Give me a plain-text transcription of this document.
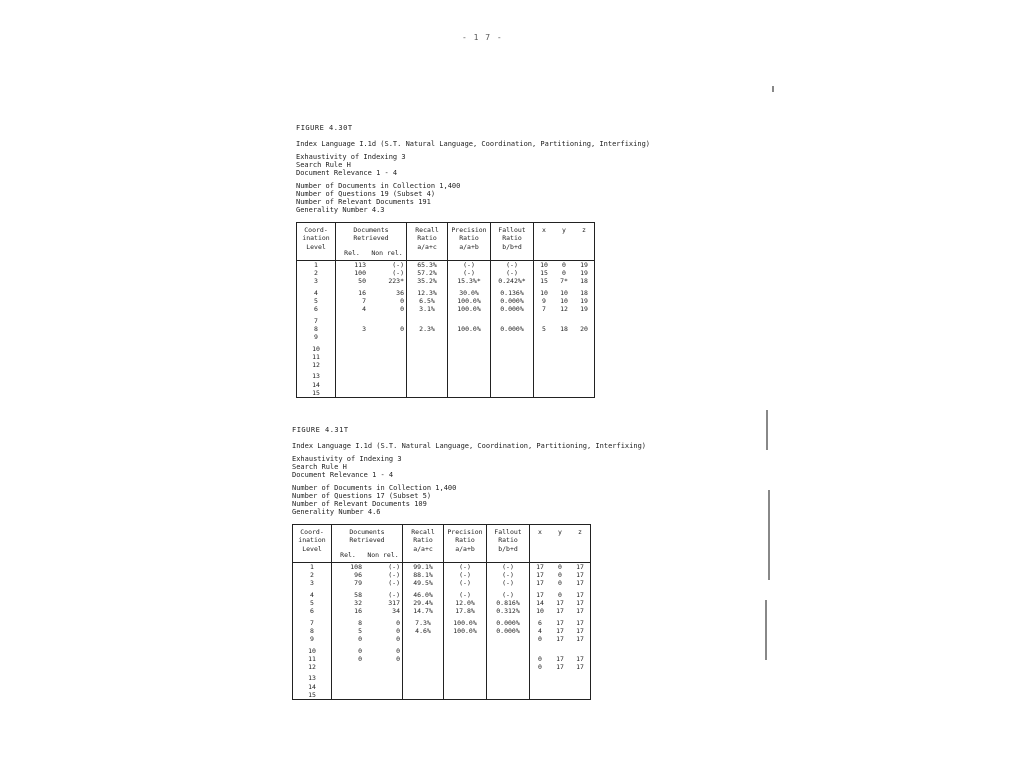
- 1 7 -
FIGURE 4.30T
Index Language I.1d (S.T. Natural Language, Coordination, Partitioning, Interfixing)
Exhaustivity of Indexing 3
Search Rule H
Document Relevance 1 - 4
Number of Documents in Collection 1,400
Number of Questions 19 (Subset 4)
Number of Relevant Documents 191
Generality Number 4.3
Coord- ination Level	Documents Retrieved		Recall Ratio a/a+c	Precision Ratio a/a+b	Fallout Ratio b/b+d	x	y	z
	Rel.	Non rel.						
1	113	(-)	65.3%	(-)	(-)	10	0	19
2	100	(-)	57.2%	(-)	(-)	15	0	19
3	50	223*	35.2%	15.3%*	0.242%*	15	7*	18
4	16	36	12.3%	30.0%	0.136%	10	10	18
5	7	0	6.5%	100.0%	0.000%	9	10	19
6	4	0	3.1%	100.0%	0.000%	7	12	19
7								
8	3	0	2.3%	100.0%	0.000%	5	18	20
9								
10								
11								
12								
13								
14								
15								
FIGURE 4.31T
Index Language I.1d (S.T. Natural Language, Coordination, Partitioning, Interfixing)
Exhaustivity of Indexing 3
Search Rule H
Document Relevance 1 - 4
Number of Documents in Collection 1,400
Number of Questions 17 (Subset 5)
Number of Relevant Documents 109
Generality Number 4.6
Coord- ination Level	Documents Retrieved		Recall Ratio a/a+c	Precision Ratio a/a+b	Fallout Ratio b/b+d	x	y	z
	Rel.	Non rel.						
1	108	(-)	99.1%	(-)	(-)	17	0	17
2	96	(-)	88.1%	(-)	(-)	17	0	17
3	79	(-)	49.5%	(-)	(-)	17	0	17
4	58	(-)	46.0%	(-)	(-)	17	0	17
5	32	317	29.4%	12.0%	0.816%	14	17	17
6	16	34	14.7%	17.8%	0.312%	10	17	17
7	8	0	7.3%	100.0%	0.000%	6	17	17
8	5	0	4.6%	100.0%	0.000%	4	17	17
9	0	0				0	17	17
10	0	0						
11	0	0				0	17	17
12						0	17	17
13								
14								
15								
